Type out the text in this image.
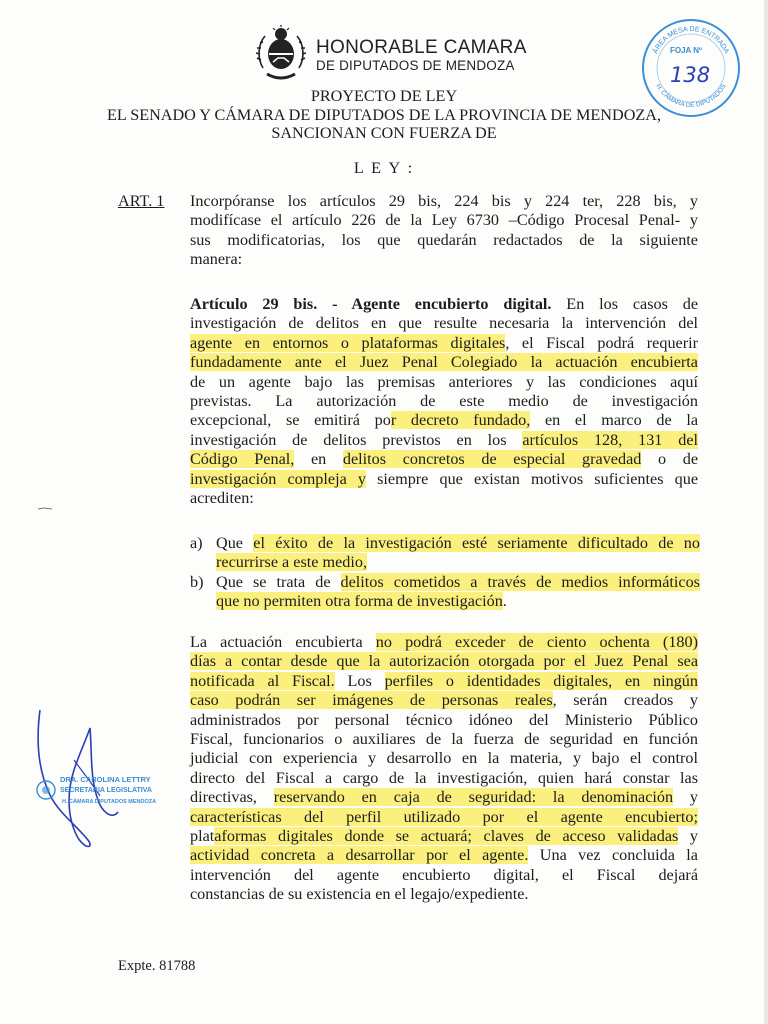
HONORABLE CAMARA
DE DIPUTADOS DE MENDOZA
PROYECTO DE LEY
EL SENADO Y CÁMARA DE DIPUTADOS DE LA PROVINCIA DE MENDOZA,
SANCIONAN CON FUERZA DE
L E Y :
ÁREA MESA DE ENTRADA
H. CÁMARA DE DIPUTADOS
FOJA Nº
138
ART. 1 Incorpóranse los artículos 29 bis, 224 bis y 224 ter, 228 bis, y
modifícase el artículo 226 de la Ley 6730 –Código Procesal Penal- y
sus modificatorias, los que quedarán redactados de la siguiente
manera:
Artículo 29 bis. - Agente encubierto digital. En los casos de
investigación de delitos en que resulte necesaria la intervención del
agente en entornos o plataformas digitales, el Fiscal podrá requerir
fundadamente ante el Juez Penal Colegiado la actuación encubierta
de un agente bajo las premisas anteriores y las condiciones aquí
previstas. La autorización de este medio de investigación
excepcional, se emitirá por decreto fundado, en el marco de la
investigación de delitos previstos en los artículos 128, 131 del
Código Penal, en delitos concretos de especial gravedad o de
investigación compleja y siempre que existan motivos suficientes que
acrediten:
a) Que el éxito de la investigación esté seriamente dificultado de no
recurrirse a este medio,
b) Que se trata de delitos cometidos a través de medios informáticos
que no permiten otra forma de investigación.
La actuación encubierta no podrá exceder de ciento ochenta (180)
días a contar desde que la autorización otorgada por el Juez Penal sea
notificada al Fiscal. Los perfiles o identidades digitales, en ningún
caso podrán ser imágenes de personas reales, serán creados y
administrados por personal técnico idóneo del Ministerio Público
Fiscal, funcionarios o auxiliares de la fuerza de seguridad en función
judicial con experiencia y desarrollo en la materia, y bajo el control
directo del Fiscal a cargo de la investigación, quien hará constar las
directivas, reservando en caja de seguridad: la denominación y
características del perfil utilizado por el agente encubierto;
plataformas digitales donde se actuará; claves de acceso validadas y
actividad concreta a desarrollar por el agente. Una vez concluida la
intervención del agente encubierto digital, el Fiscal dejará
constancias de su existencia en el legajo/expediente.
DRA. CAROLINA LETTRY
SECRETARIA LEGISLATIVA
H. CÁMARA DIPUTADOS MENDOZA
Expte. 81788
